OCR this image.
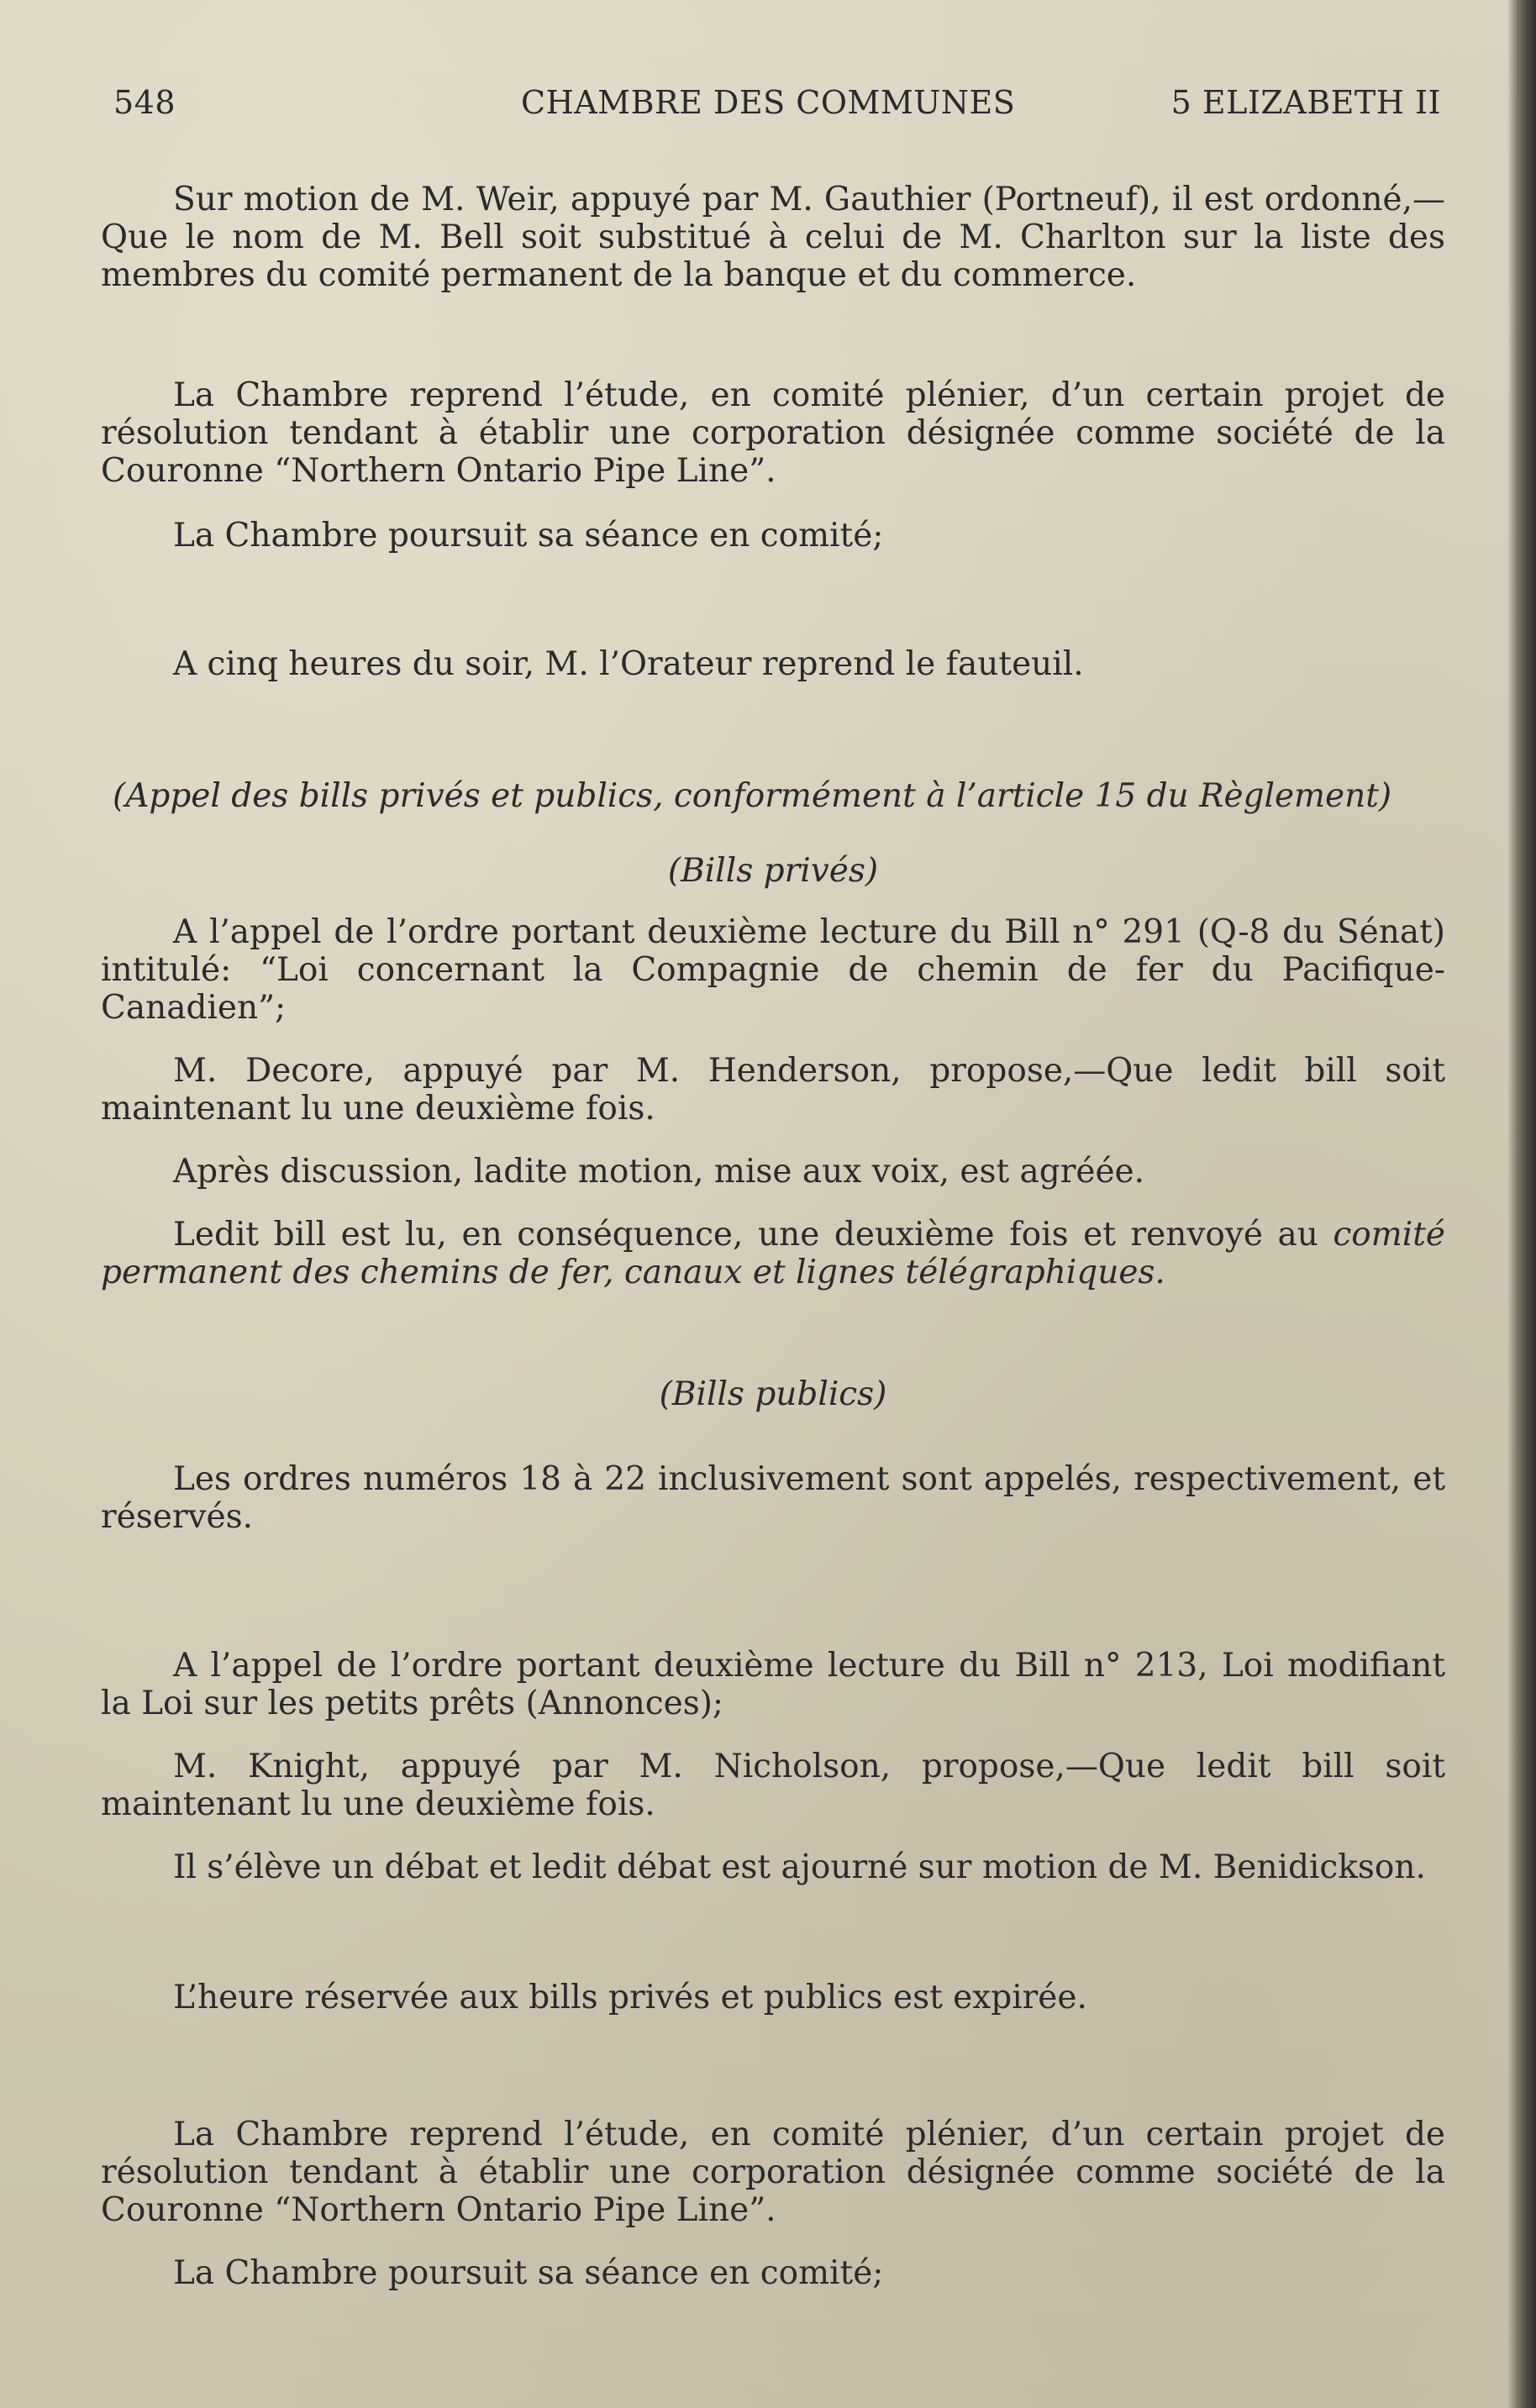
548	CHAMBRE DES COMMUNES	5 ELIZABETH II

Sur motion de M. Weir, appuyé par M. Gauthier (Portneuf), il est ordonné,—Que le nom de M. Bell soit substitué à celui de M. Charlton sur la liste des membres du comité permanent de la banque et du commerce.

La Chambre reprend l’étude, en comité plénier, d’un certain projet de résolution tendant à établir une corporation désignée comme société de la Couronne “Northern Ontario Pipe Line”.

La Chambre poursuit sa séance en comité;

A cinq heures du soir, M. l’Orateur reprend le fauteuil.

(Appel des bills privés et publics, conformément à l’article 15 du Règlement)

(Bills privés)

A l’appel de l’ordre portant deuxième lecture du Bill n° 291 (Q-8 du Sénat) intitulé: “Loi concernant la Compagnie de chemin de fer du Pacifique-Canadien”;

M. Decore, appuyé par M. Henderson, propose,—Que ledit bill soit maintenant lu une deuxième fois.

Après discussion, ladite motion, mise aux voix, est agréée.

Ledit bill est lu, en conséquence, une deuxième fois et renvoyé au comité permanent des chemins de fer, canaux et lignes télégraphiques.

(Bills publics)

Les ordres numéros 18 à 22 inclusivement sont appelés, respectivement, et réservés.

A l’appel de l’ordre portant deuxième lecture du Bill n° 213, Loi modifiant la Loi sur les petits prêts (Annonces);

M. Knight, appuyé par M. Nicholson, propose,—Que ledit bill soit maintenant lu une deuxième fois.

Il s’élève un débat et ledit débat est ajourné sur motion de M. Benidickson.

L’heure réservée aux bills privés et publics est expirée.

La Chambre reprend l’étude, en comité plénier, d’un certain projet de résolution tendant à établir une corporation désignée comme société de la Couronne “Northern Ontario Pipe Line”.

La Chambre poursuit sa séance en comité;
